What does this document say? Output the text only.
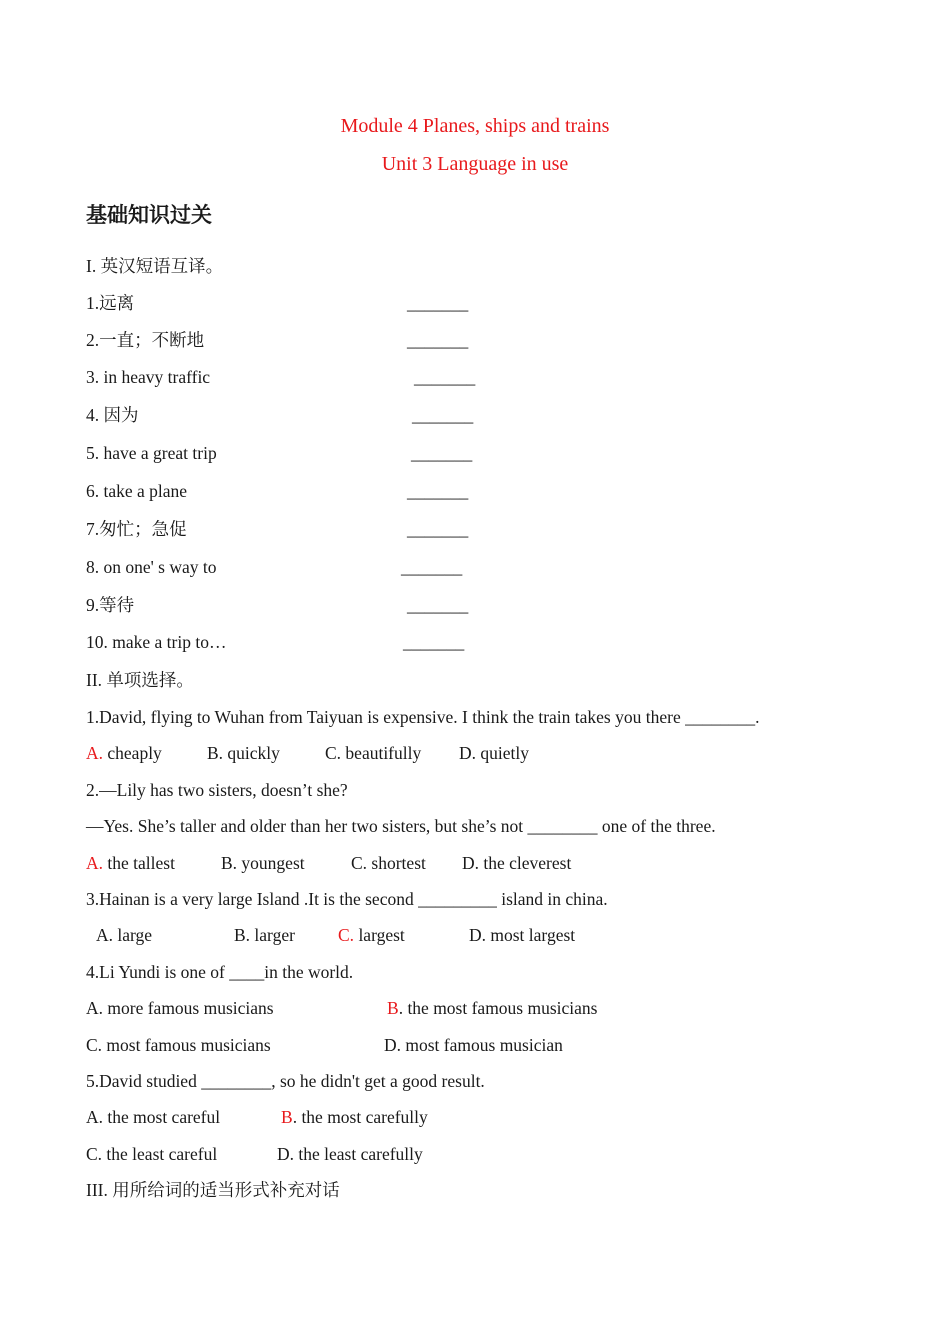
Module 4 Planes, ships and trains
Unit 3 Language in use
基础知识过关
I. 英汉短语互译。
1.远离	_______
2.一直；不断地	_______
3. in heavy traffic	_______
4. 因为	_______
5. have a great trip	_______
6. take a plane	_______
7.匆忙；急促	_______
8. on one' s way to	_______
9.等待	_______
10. make a trip to…	_______
II. 单项选择。
1.David, flying to Wuhan from Taiyuan is expensive. I think the train takes you there ________.
A. cheaply	B. quickly	C. beautifully D. quietly
2.—Lily has two sisters, doesn’t she?
—Yes. She’s taller and older than her two sisters, but she’s not ________ one of the three.
A. the tallest	B. youngest	C. shortest D. the cleverest
3.Hainan is a very large Island .It is the second _________ island in china.
A. large	B. larger C. largest	D. most largest
4.Li Yundi is one of ____in the world.
A. more famous musicians	B. the most famous musicians
C. most famous musicians	D. most famous musician
5.David studied ________, so he didn't get a good result.
A. the most careful	B. the most carefully
C. the least careful	D. the least carefully
III. 用所给词的适当形式补充对话
